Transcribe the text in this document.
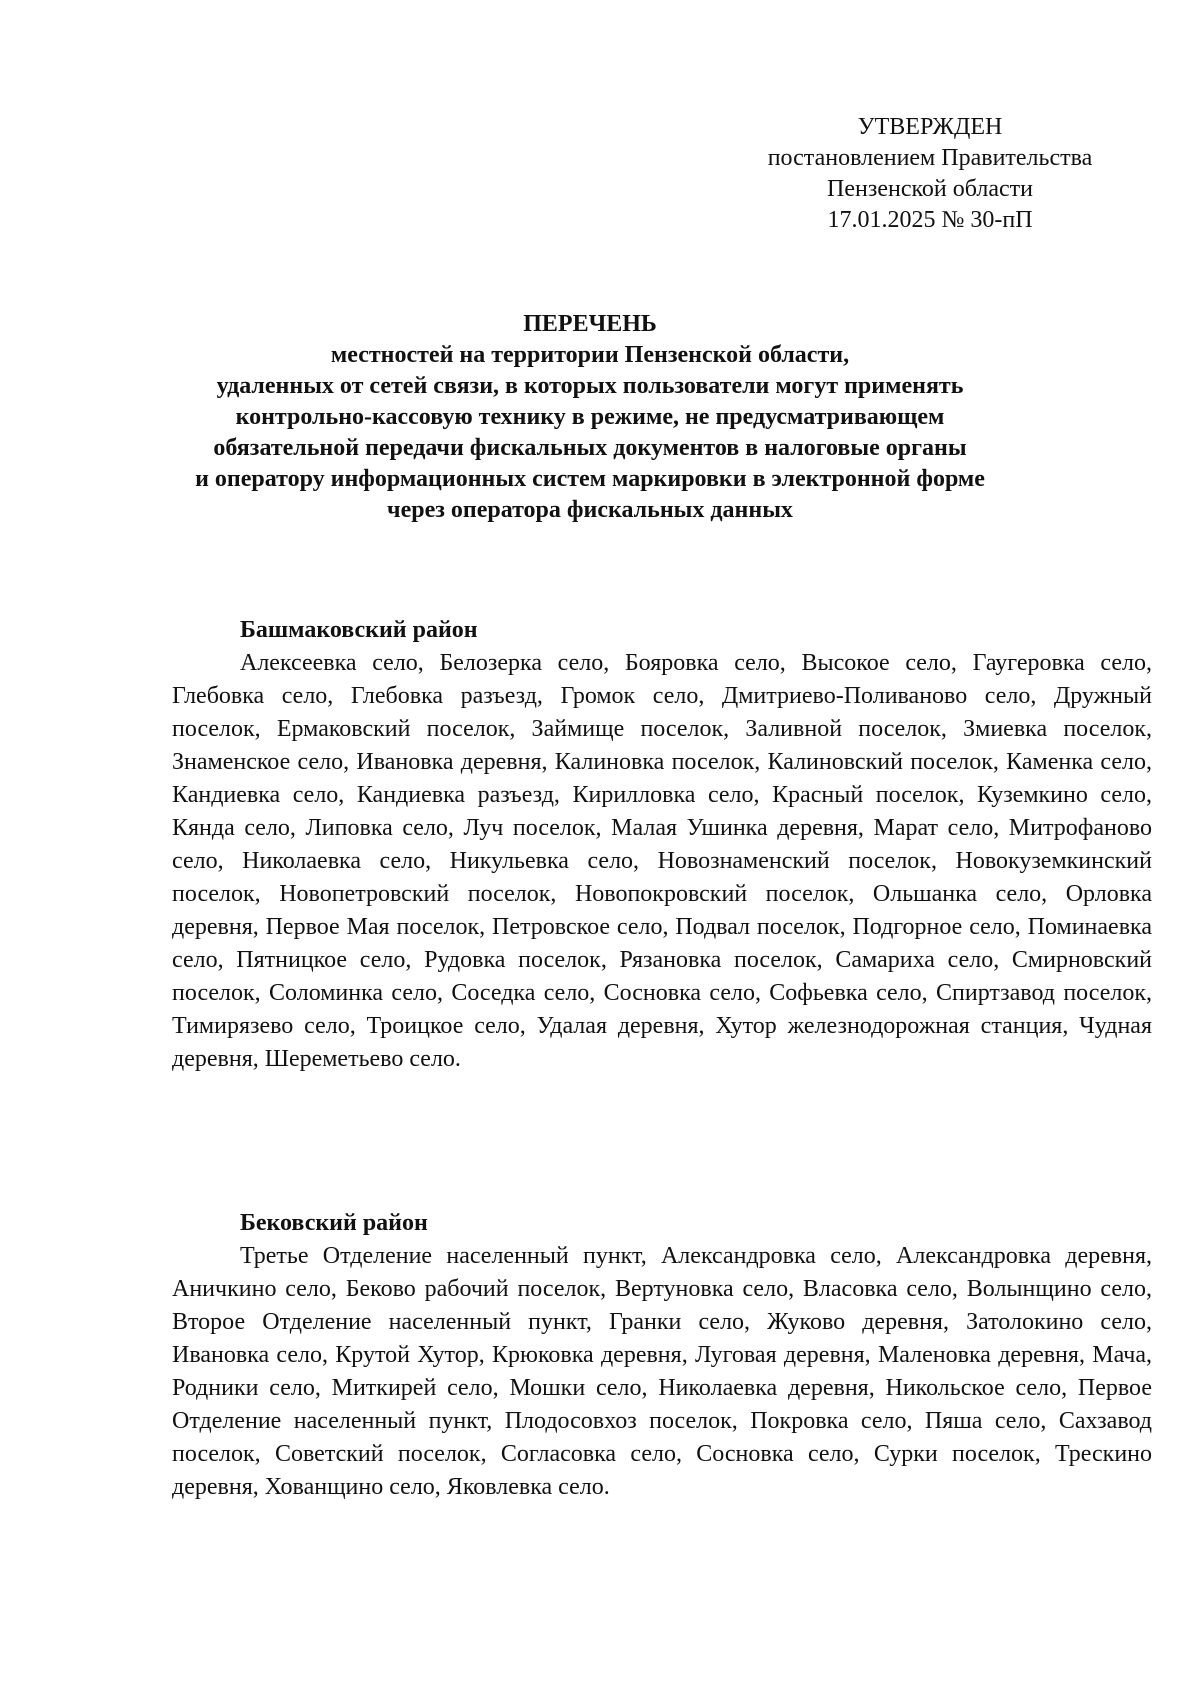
УТВЕРЖДЕН
постановлением Правительства
Пензенской области
17.01.2025 № 30-пП
ПЕРЕЧЕНЬ
местностей на территории Пензенской области,
удаленных от сетей связи, в которых пользователи могут применять
контрольно-кассовую технику в режиме, не предусматривающем
обязательной передачи фискальных документов в налоговые органы
и оператору информационных систем маркировки в электронной форме
через оператора фискальных данных
Башмаковский район

Алексеевка село, Белозерка село, Бояровка село, Высокое село, Гаугеровка село, Глебовка село, Глебовка разъезд, Громок село, Дмитриево-Поливаново село, Дружный поселок, Ермаковский поселок, Займище поселок, Заливной поселок, Змиевка поселок, Знаменское село, Ивановка деревня, Калиновка поселок, Калиновский поселок, Каменка село, Кандиевка село, Кандиевка разъезд, Кирилловка село, Красный поселок, Куземкино село, Кянда село, Липовка село, Луч поселок, Малая Ушинка деревня, Марат село, Митрофаново село, Николаевка село, Никульевка село, Новознаменский поселок, Новокуземкинский поселок, Новопетровский поселок, Новопокровский поселок, Ольшанка село, Орловка деревня, Первое Мая поселок, Петровское село, Подвал поселок, Подгорное село, Поминаевка село, Пятницкое село, Рудовка поселок, Рязановка поселок, Самариха село, Смирновский поселок, Соломинка село, Соседка село, Сосновка село, Софьевка село, Спиртзавод поселок, Тимирязево село, Троицкое село, Удалая деревня, Хутор железнодорожная станция, Чудная деревня, Шереметьево село.

Бековский район

Третье Отделение населенный пункт, Александровка село, Александровка деревня, Аничкино село, Беково рабочий поселок, Вертуновка село, Власовка село, Волынщино село, Второе Отделение населенный пункт, Гранки село, Жуково деревня, Затолокино село, Ивановка село, Крутой Хутор, Крюковка деревня, Луговая деревня, Маленовка деревня, Мача, Родники село, Миткирей село, Мошки село, Николаевка деревня, Никольское село, Первое Отделение населенный пункт, Плодосовхоз поселок, Покровка село, Пяша село, Сахзавод поселок, Советский поселок, Согласовка село, Сосновка село, Сурки поселок, Трескино деревня, Хованщино село, Яковлевка село.
